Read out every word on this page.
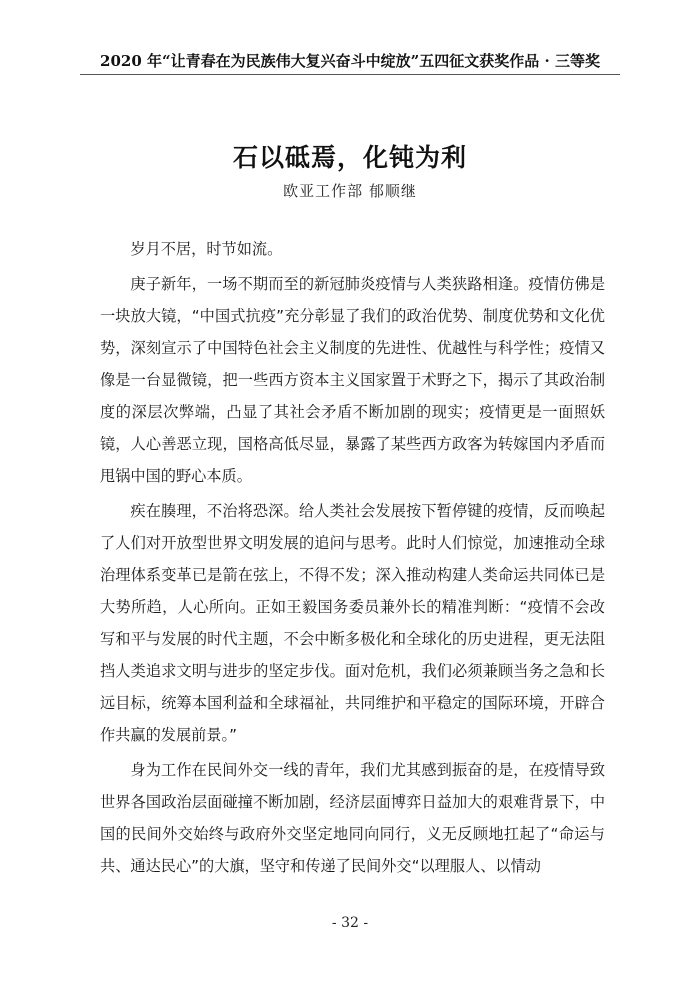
2020 年“让青春在为民族伟大复兴奋斗中绽放”五四征文获奖作品 · 三等奖
石以砥焉，化钝为利
欧亚工作部 郁顺继

岁月不居，时节如流。

庚子新年，一场不期而至的新冠肺炎疫情与人类狭路相逢。疫情仿佛是一块放大镜，“中国式抗疫”充分彰显了我们的政治优势、制度优势和文化优势，深刻宣示了中国特色社会主义制度的先进性、优越性与科学性；疫情又像是一台显微镜，把一些西方资本主义国家置于术野之下，揭示了其政治制度的深层次弊端，凸显了其社会矛盾不断加剧的现实；疫情更是一面照妖镜，人心善恶立现，国格高低尽显，暴露了某些西方政客为转嫁国内矛盾而甩锅中国的野心本质。

疾在腠理，不治将恐深。给人类社会发展按下暂停键的疫情，反而唤起了人们对开放型世界文明发展的追问与思考。此时人们惊觉，加速推动全球治理体系变革已是箭在弦上，不得不发；深入推动构建人类命运共同体已是大势所趋，人心所向。正如王毅国务委员兼外长的精准判断：“疫情不会改写和平与发展的时代主题，不会中断多极化和全球化的历史进程，更无法阻挡人类追求文明与进步的坚定步伐。面对危机，我们必须兼顾当务之急和长远目标，统筹本国利益和全球福祉，共同维护和平稳定的国际环境，开辟合作共赢的发展前景。”

身为工作在民间外交一线的青年，我们尤其感到振奋的是，在疫情导致世界各国政治层面碰撞不断加剧，经济层面博弈日益加大的艰难背景下，中国的民间外交始终与政府外交坚定地同向同行，义无反顾地扛起了“命运与共、通达民心”的大旗，坚守和传递了民间外交“以理服人、以情动

- 32 -
